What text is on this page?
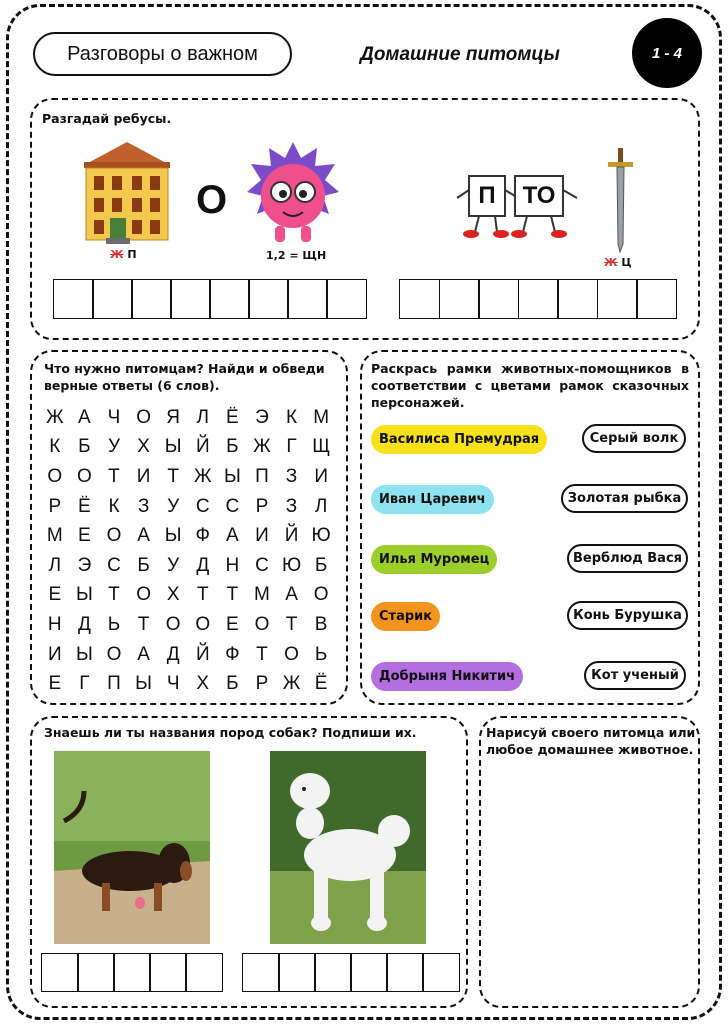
Разговоры о важном	Домашние питомцы	1 - 4
Разгадай ребусы.
Ж П
О
1,2 = ЩН
П	ТО
Ж Ц
Что нужно питомцам? Найди и обведи верные ответы (6 слов).
Ж А Ч О Я Л Ё Э К М
К Б У Х Ы Й Б Ж Г Щ
О О Т И Т Ж Ы П З И
Р Ё К З У С С Р З Л
М Е О А Ы Ф А И Й Ю
Л Э С Б У Д Н С Ю Б
Е Ы Т О Х Т Т М А О
Н Д Ь Т О О Е О Т В
И Ы О А Д Й Ф Т О Ь
Е Г П Ы Ч Х Б Р Ж Ё
Раскрась рамки животных-помощников в соответствии с цветами рамок сказочных персонажей.
Василиса Премудрая
Иван Царевич
Илья Муромец
Старик
Добрыня Никитич
Серый волк
Золотая рыбка
Верблюд Вася
Конь Бурушка
Кот ученый
Знаешь ли ты названия пород собак? Подпиши их.	Нарисуй своего питомца или любое домашнее животное.
